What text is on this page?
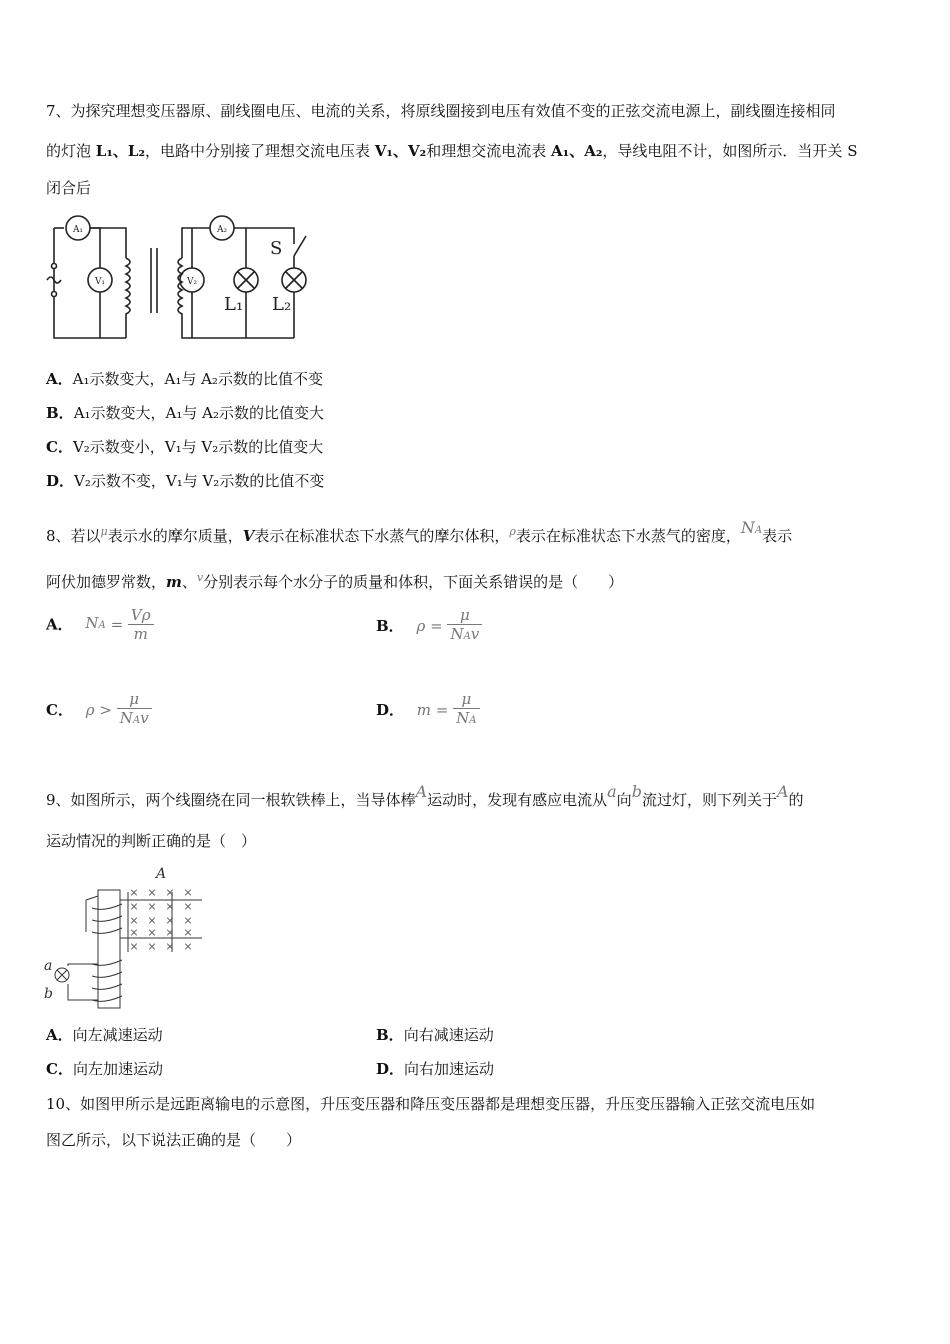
7、为探究理想变压器原、副线圈电压、电流的关系，将原线圈接到电压有效值不变的正弦交流电源上，副线圈连接相同
的灯泡 L₁、L₂，电路中分别接了理想交流电压表 V₁、V₂和理想交流电流表 A₁、A₂，导线电阻不计，如图所示．当开关 S
闭合后
A₁	A₂
V₁	V₂
S
L₁ L₂
A．A₁示数变大，A₁与 A₂示数的比值不变
B．A₁示数变大，A₁与 A₂示数的比值变大
C．V₂示数变小，V₁与 V₂示数的比值变大
D．V₂示数不变，V₁与 V₂示数的比值不变
8、若以$^\mu$表示水的摩尔质量，V表示在标准状态下水蒸气的摩尔体积，$^\rho$表示在标准状态下水蒸气的密度，NA表示
阿伏加德罗常数，m、$^v$分别表示每个水分子的质量和体积，下面关系错误的是（　　）
A． NA = $\frac{V\rho}{m}$	B． $\rho = \frac{\mu}{\text{NAv}}$
C． $\rho > \frac{\mu}{\text{NAv}}$	D． $m = \frac{\mu}{NA}$
9、如图所示，两个线圈绕在同一根软铁棒上，当导体棒A运动时，发现有感应电流从a向b流过灯，则下列关于A的
运动情况的判断正确的是（　）
× × × ×
× × × ×
× × × ×
× × × ×
× × × ×
A
a
b
A．向左减速运动	B．向右减速运动
C．向左加速运动	D．向右加速运动
10、如图甲所示是远距离输电的示意图，升压变压器和降压变压器都是理想变压器，升压变压器输入正弦交流电压如
图乙所示，以下说法正确的是（　　）
